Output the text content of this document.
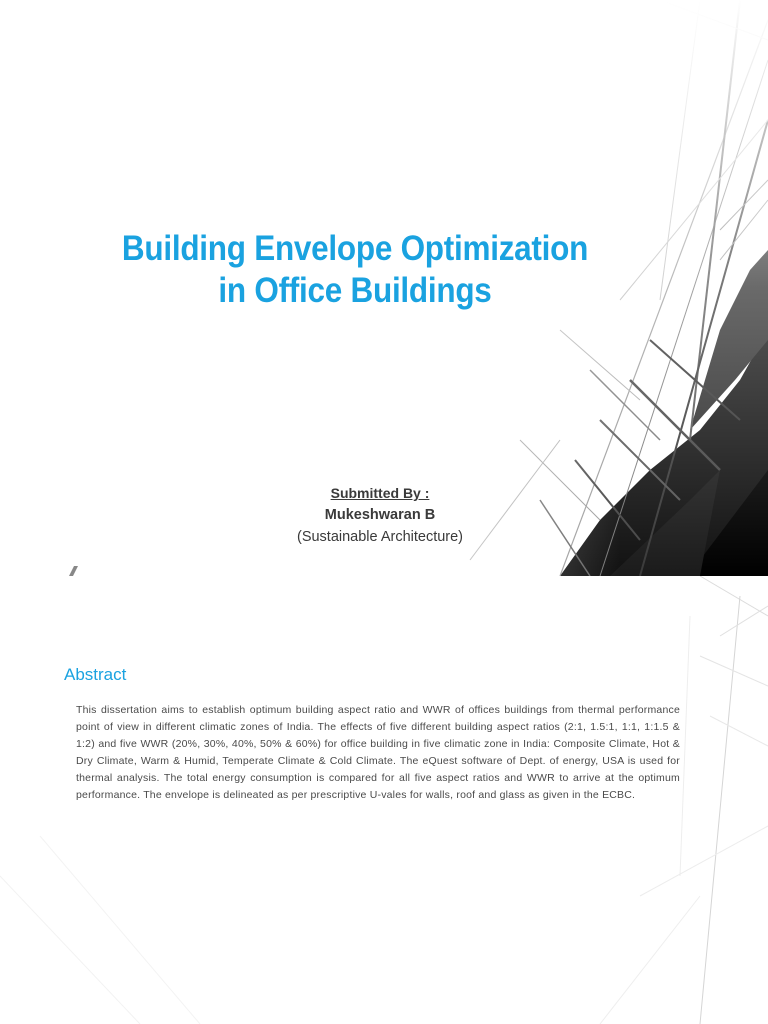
Building Envelope Optimization
in Office Buildings
Submitted By :
Mukeshwaran B
(Sustainable Architecture)
Abstract

This dissertation aims to establish optimum building aspect ratio and WWR of offices buildings from thermal performance point of view in different climatic zones of India. The effects of five different building aspect ratios (2:1, 1.5:1, 1:1, 1:1.5 & 1:2) and five WWR (20%, 30%, 40%, 50% & 60%) for office building in five climatic zone in India: Composite Climate, Hot & Dry Climate, Warm & Humid, Temperate Climate & Cold Climate. The eQuest software of Dept. of energy, USA is used for thermal analysis. The total energy consumption is compared for all five aspect ratios and WWR to arrive at the optimum performance. The envelope is delineated as per prescriptive U-vales for walls, roof and glass as given in the ECBC.
